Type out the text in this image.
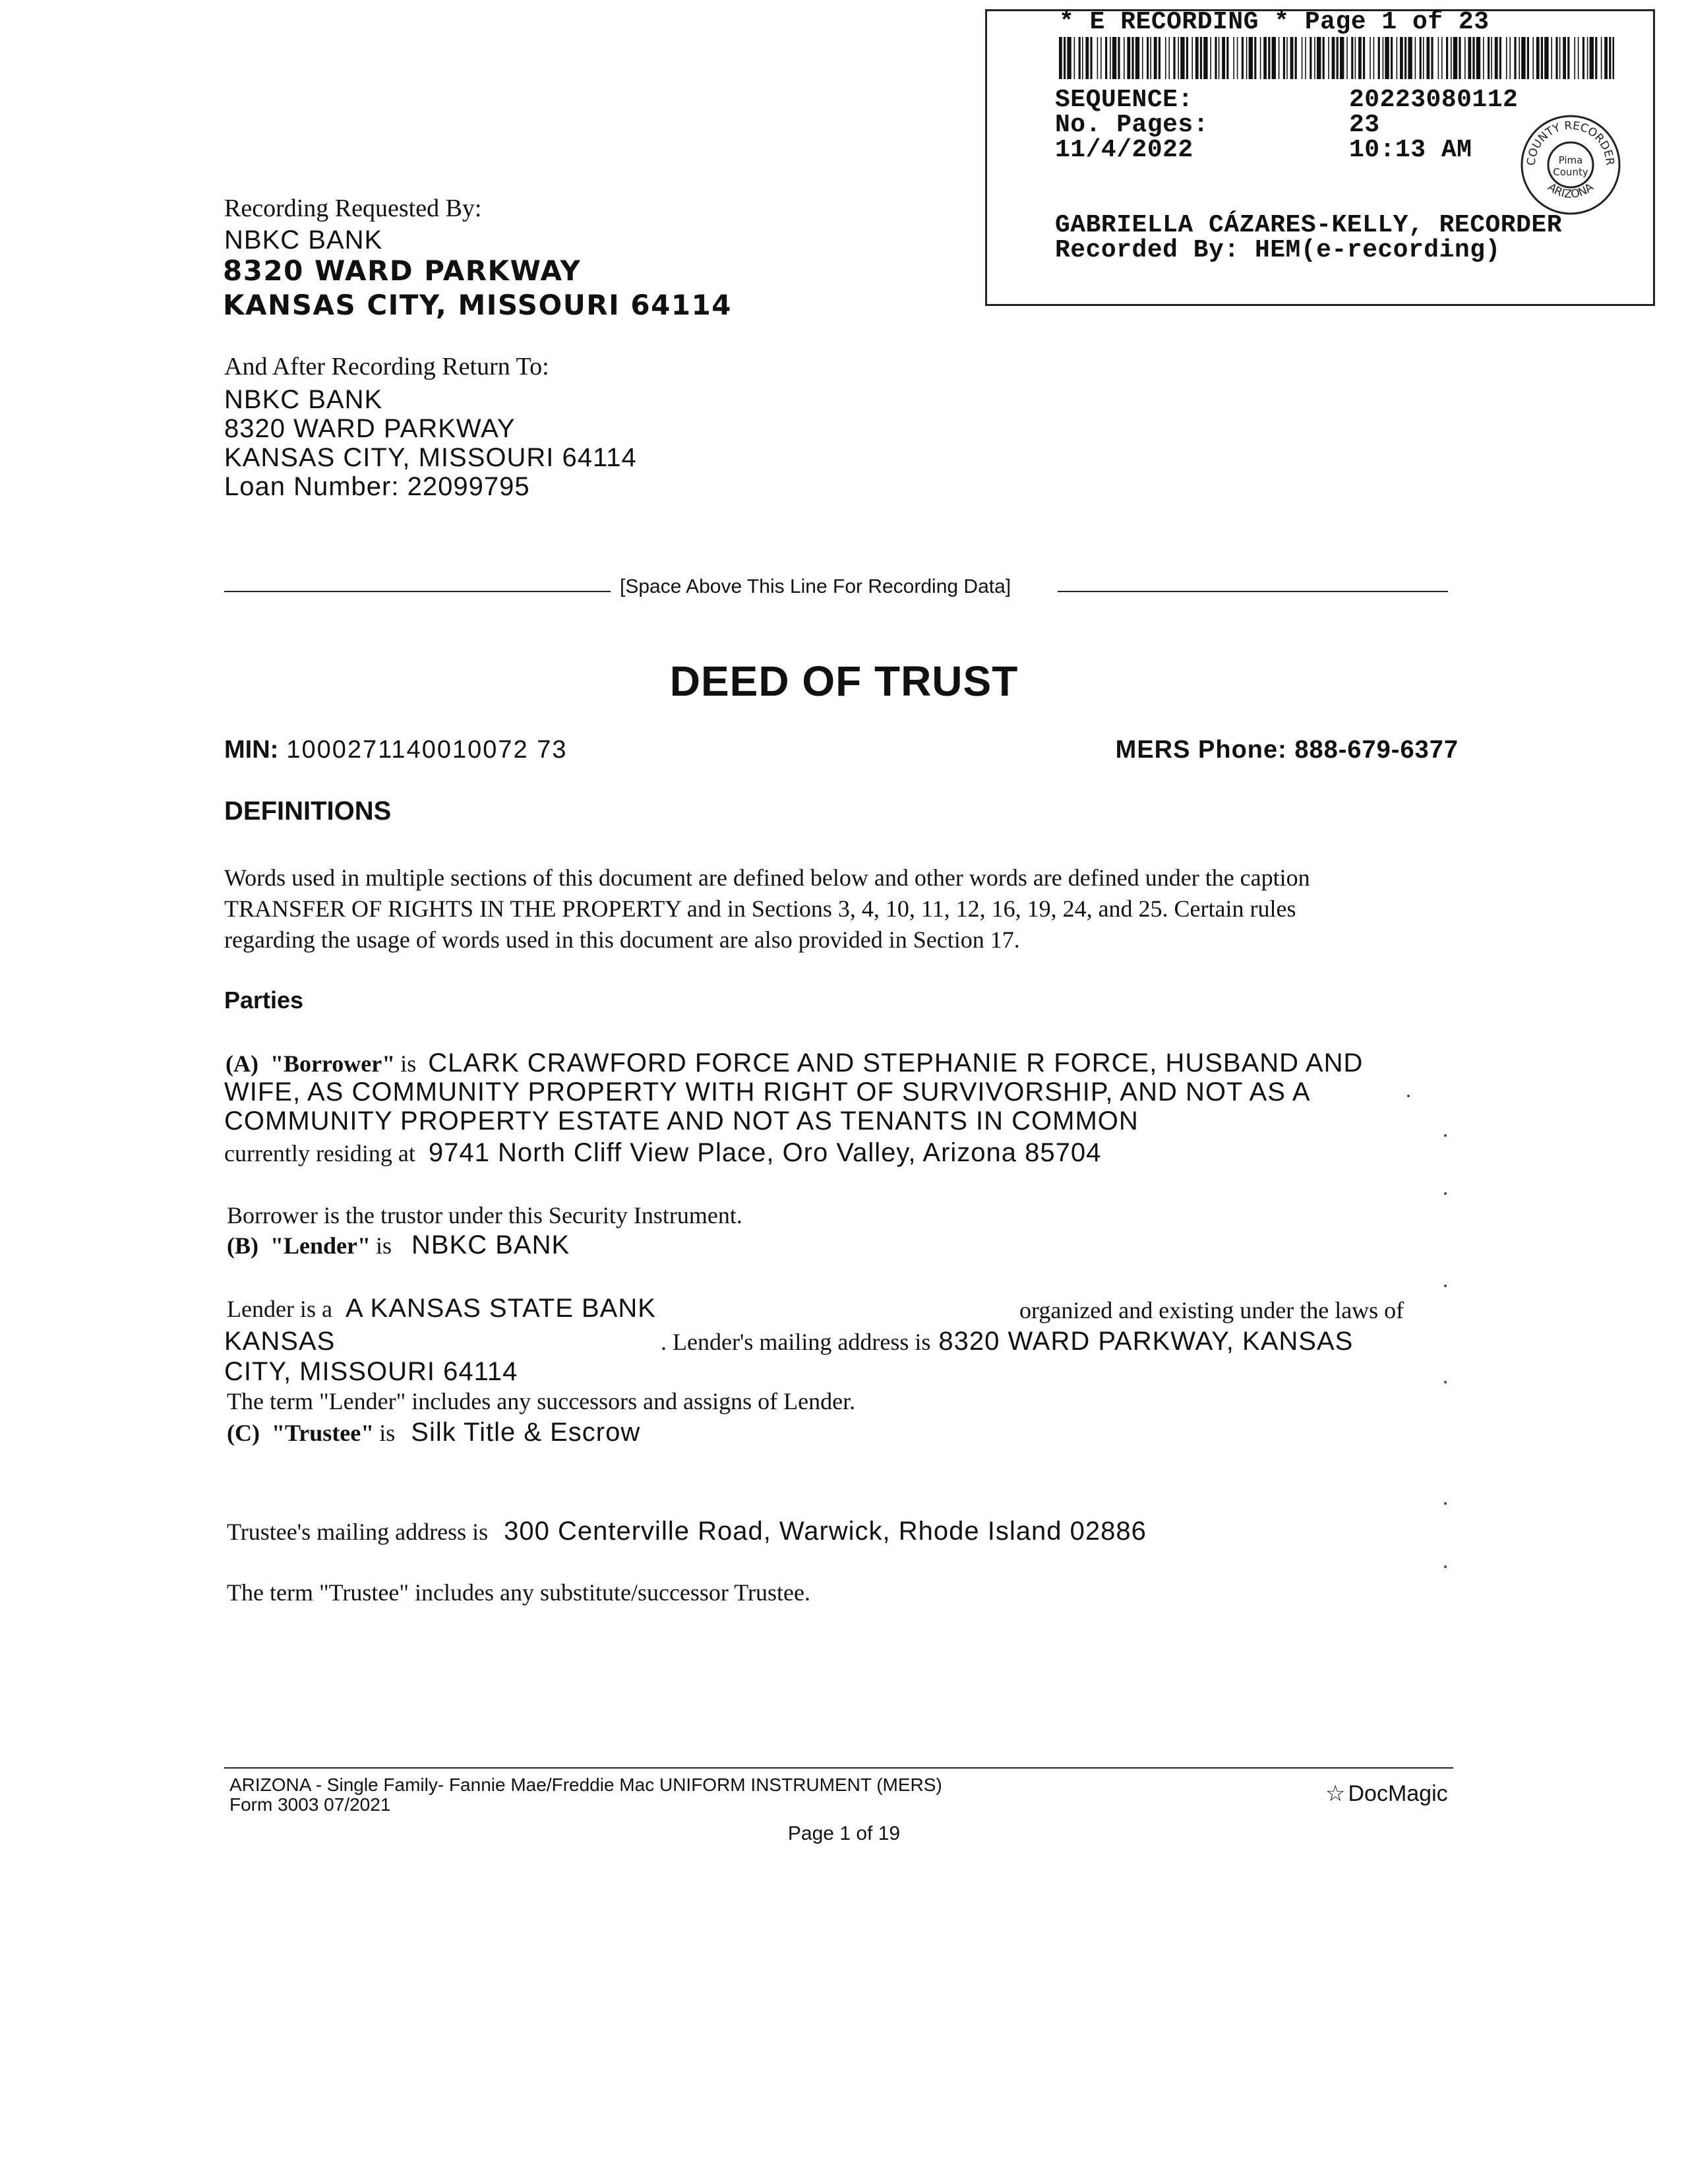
* E RECORDING * Page 1 of 23
SEQUENCE:	20223080112
No. Pages:	23
11/4/2022	10:13 AM	COUNTY RECORDER
ARIZONA
Pima
County
GABRIELLA CÁZARES-KELLY, RECORDER
Recorded By: HEM(e-recording)
Recording Requested By:
NBKC BANK
8320 WARD PARKWAY
KANSAS CITY, MISSOURI 64114
And After Recording Return To:
NBKC BANK
8320 WARD PARKWAY
KANSAS CITY, MISSOURI 64114
Loan Number: 22099795
[Space Above This Line For Recording Data]
DEED OF TRUST
MIN: 1000271140010072 73	MERS Phone: 888-679-6377
DEFINITIONS
Words used in multiple sections of this document are defined below and other words are defined under the caption
TRANSFER OF RIGHTS IN THE PROPERTY and in Sections 3, 4, 10, 11, 12, 16, 19, 24, and 25. Certain rules
regarding the usage of words used in this document are also provided in Section 17.
Parties
(A) "Borrower" is CLARK CRAWFORD FORCE AND STEPHANIE R FORCE, HUSBAND AND
WIFE, AS COMMUNITY PROPERTY WITH RIGHT OF SURVIVORSHIP, AND NOT AS A
COMMUNITY PROPERTY ESTATE AND NOT AS TENANTS IN COMMON
currently residing at 9741 North Cliff View Place, Oro Valley, Arizona 85704
Borrower is the trustor under this Security Instrument.
(B) "Lender" is NBKC BANK
Lender is a A KANSAS STATE BANK	organized and existing under the laws of
KANSAS	. Lender's mailing address is 8320 WARD PARKWAY, KANSAS
CITY, MISSOURI 64114
The term "Lender" includes any successors and assigns of Lender.
(C) "Trustee" is Silk Title & Escrow
Trustee's mailing address is 300 Centerville Road, Warwick, Rhode Island 02886
The term "Trustee" includes any substitute/successor Trustee.
ARIZONA - Single Family- Fannie Mae/Freddie Mac UNIFORM INSTRUMENT (MERS)
Form 3003 07/2021
Page 1 of 19
☆ DocMagic
